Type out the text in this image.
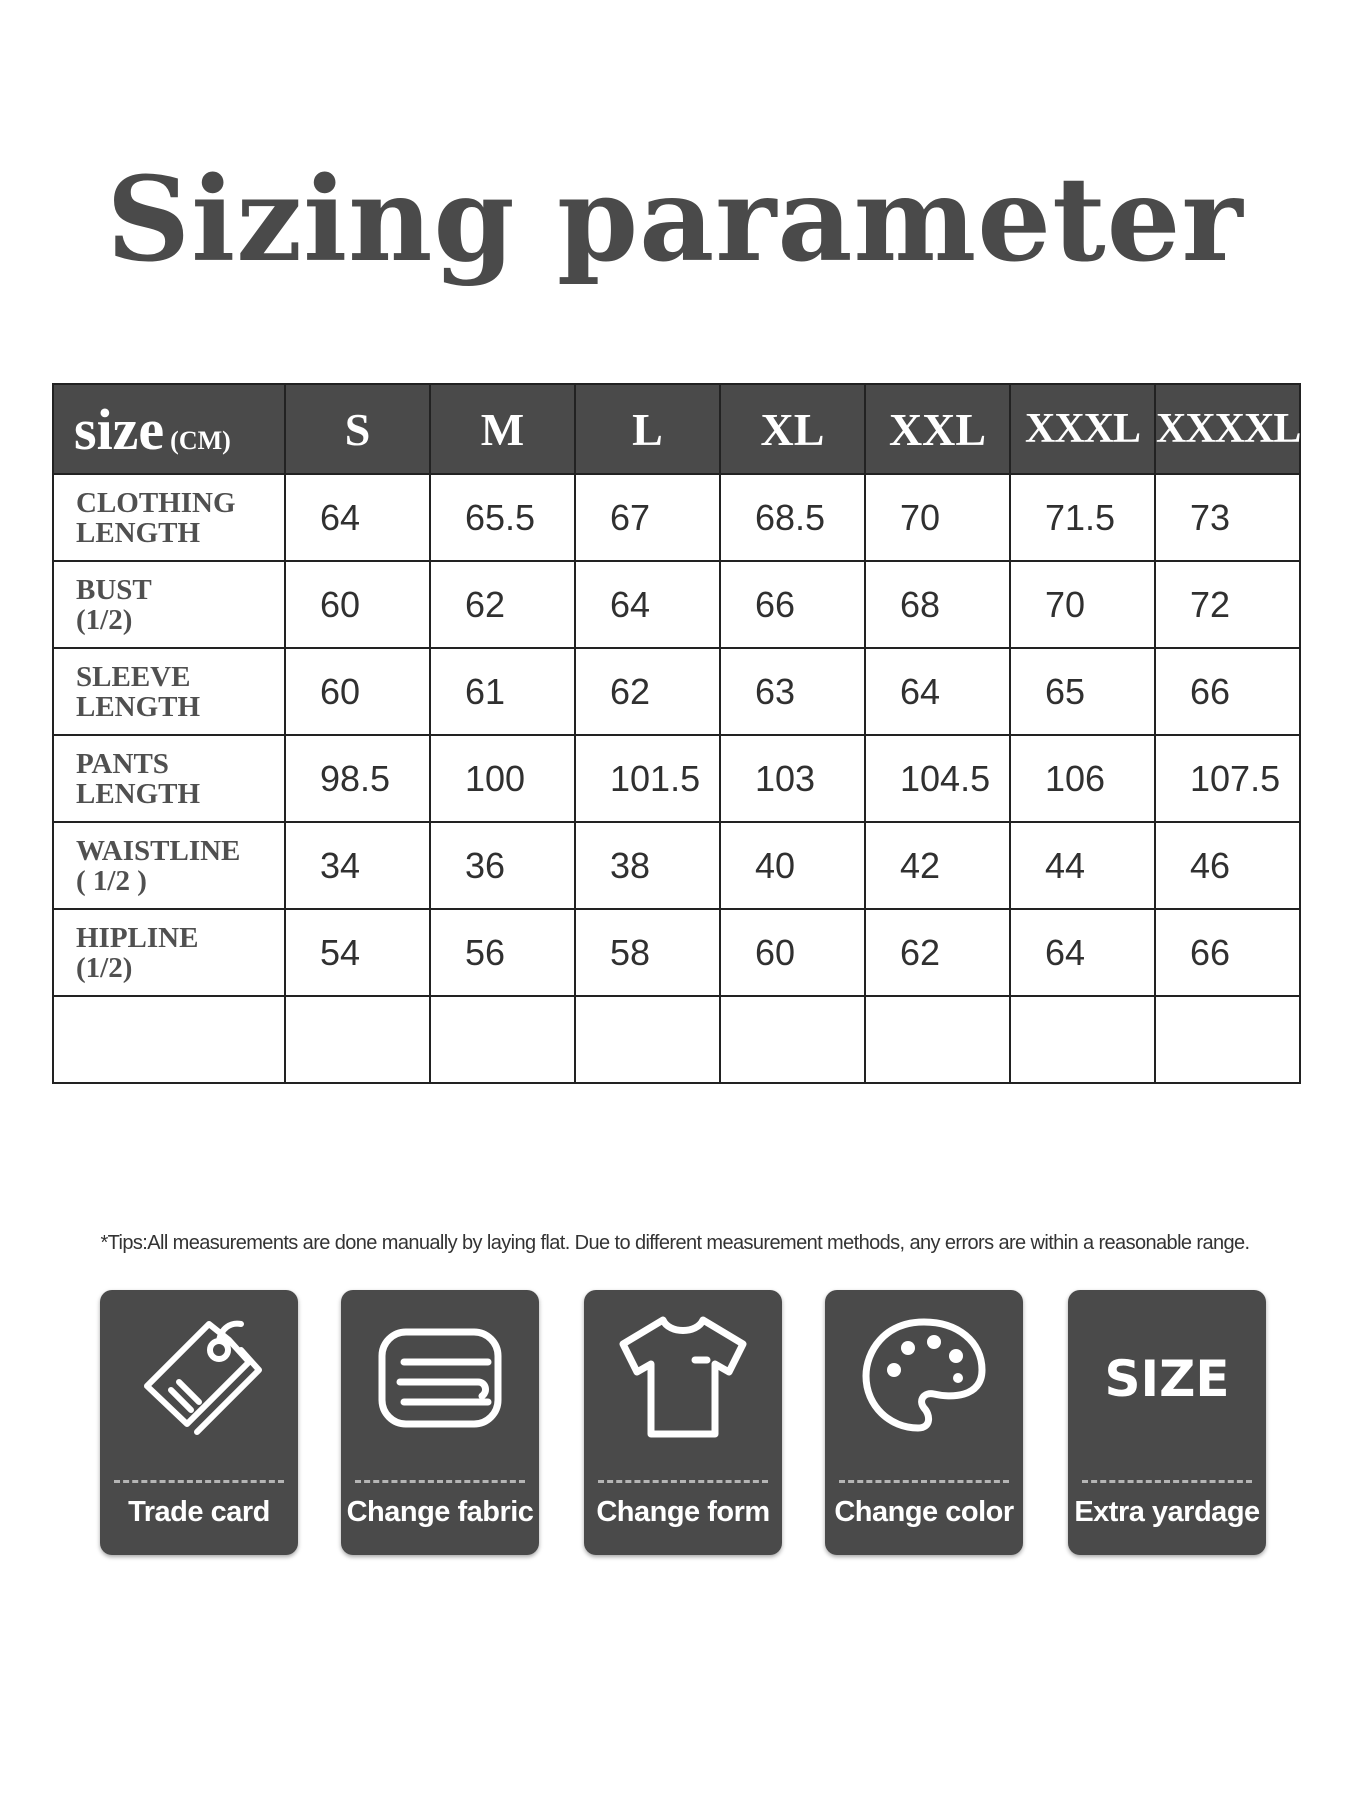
Sizing parameter
size (CM)	S	M	L	XL	XXL	XXXL	XXXXL
CLOTHING
LENGTH	64	65.5	67	68.5	70	71.5	73
BUST
(1/2)	60	62	64	66	68	70	72
SLEEVE
LENGTH	60	61	62	63	64	65	66
PANTS
LENGTH	98.5	100	101.5	103	104.5	106	107.5
WAISTLINE
( 1/2 )	34	36	38	40	42	44	46
HIPLINE
(1/2)	54	56	58	60	62	64	66

*Tips:All measurements are done manually by laying flat. Due to different measurement methods, any errors are within a reasonable range.
Trade card	Change fabric	Change form	Change color
SIZE
Extra yardage
